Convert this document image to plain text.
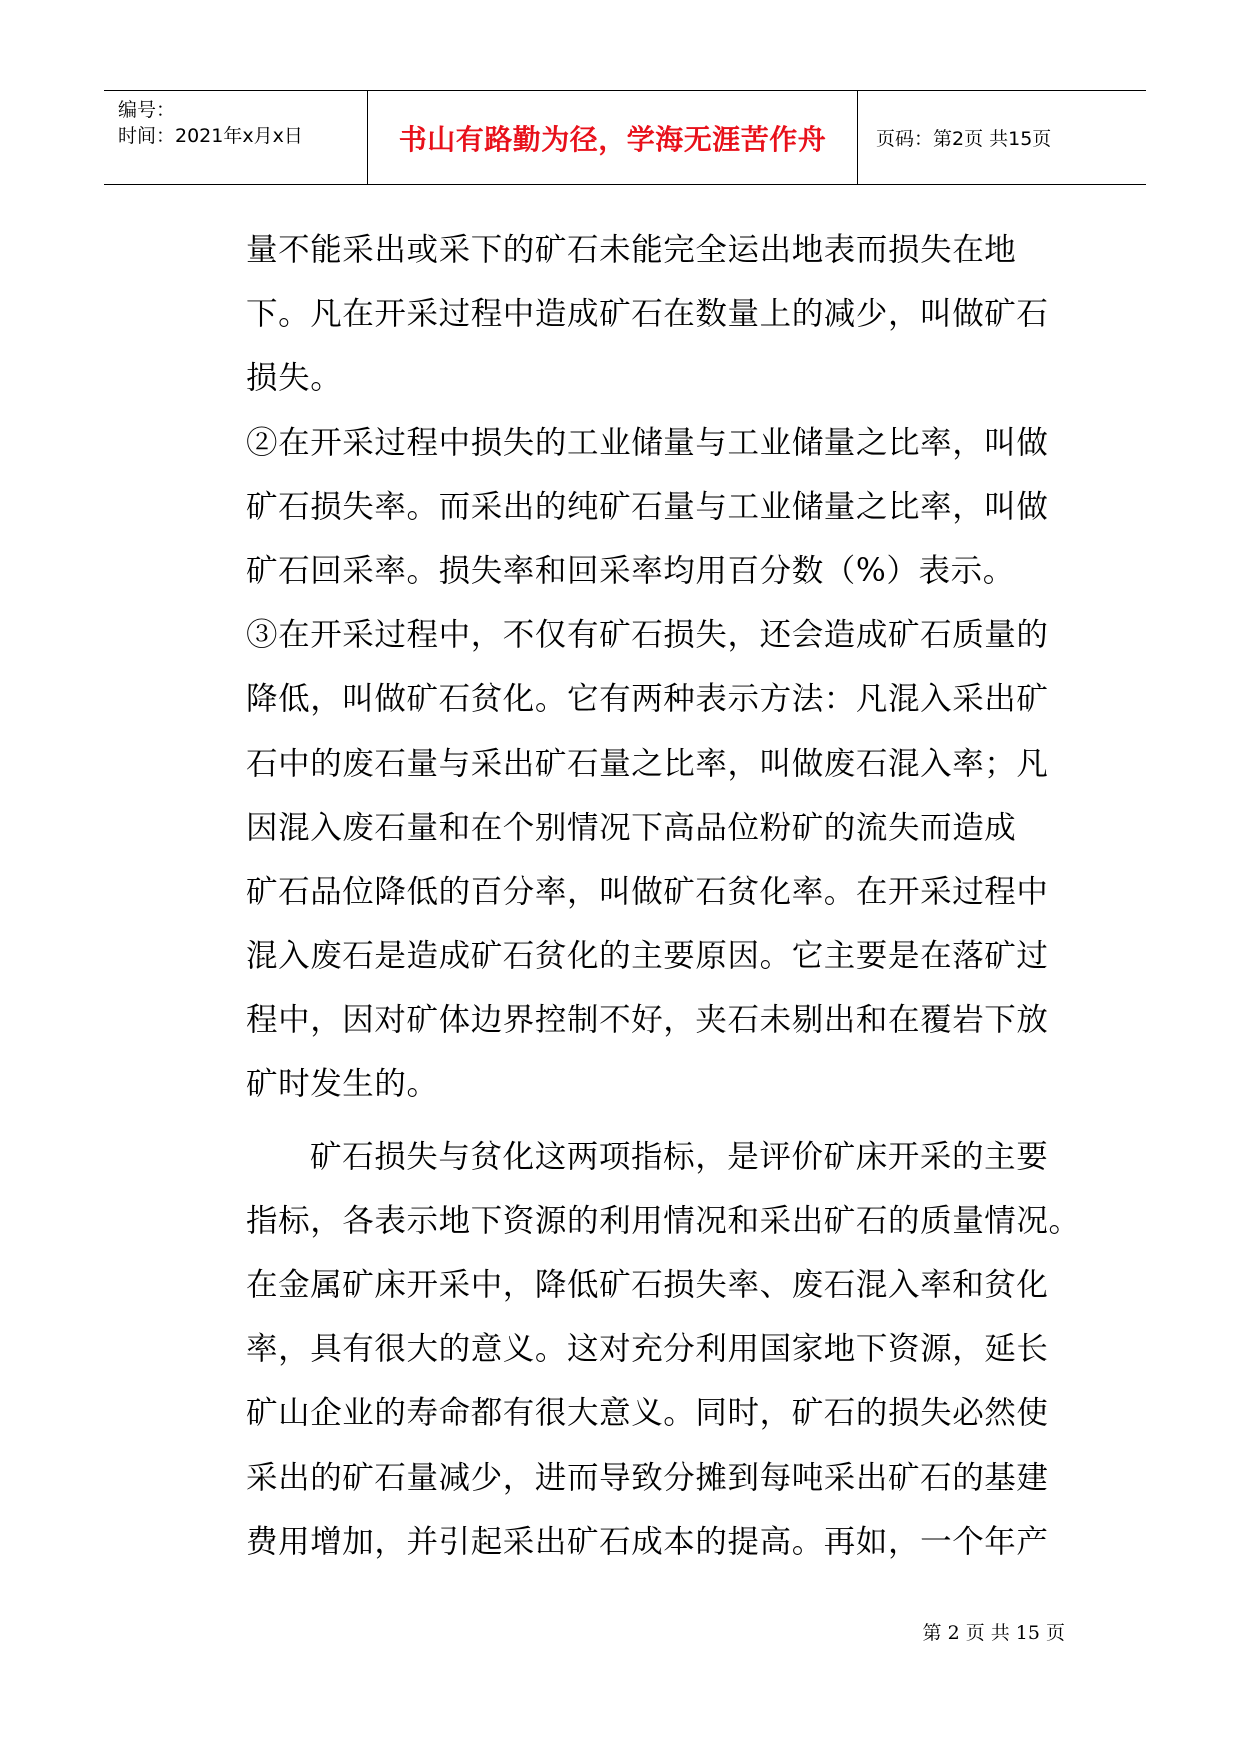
编号：
时间：2021年x月x日	书山有路勤为径，学海无涯苦作舟	页码：第2页 共15页
量不能采出或采下的矿石未能完全运出地表而损失在地
下。凡在开采过程中造成矿石在数量上的减少，叫做矿石
损失。
②在开采过程中损失的工业储量与工业储量之比率，叫做
矿石损失率。而采出的纯矿石量与工业储量之比率，叫做
矿石回采率。损失率和回采率均用百分数（%）表示。
③在开采过程中，不仅有矿石损失，还会造成矿石质量的
降低，叫做矿石贫化。它有两种表示方法：凡混入采出矿
石中的废石量与采出矿石量之比率，叫做废石混入率；凡
因混入废石量和在个别情况下高品位粉矿的流失而造成
矿石品位降低的百分率，叫做矿石贫化率。在开采过程中
混入废石是造成矿石贫化的主要原因。它主要是在落矿过
程中，因对矿体边界控制不好，夹石未剔出和在覆岩下放
矿时发生的。
矿石损失与贫化这两项指标，是评价矿床开采的主要
指标，各表示地下资源的利用情况和采出矿石的质量情况。
在金属矿床开采中，降低矿石损失率、废石混入率和贫化
率，具有很大的意义。这对充分利用国家地下资源，延长
矿山企业的寿命都有很大意义。同时，矿石的损失必然使
采出的矿石量减少，进而导致分摊到每吨采出矿石的基建
费用增加，并引起采出矿石成本的提高。再如，一个年产
第 2 页 共 15 页
